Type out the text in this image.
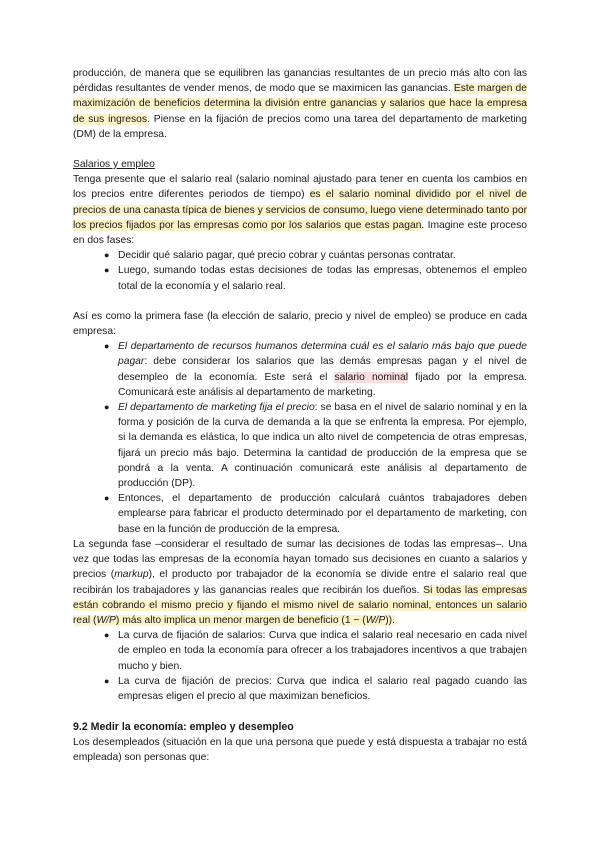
producción, de manera que se equilibren las ganancias resultantes de un precio más alto con las pérdidas resultantes de vender menos, de modo que se maximicen las ganancias. Este margen de maximización de beneficios determina la división entre ganancias y salarios que hace la empresa de sus ingresos. Piense en la fijación de precios como una tarea del departamento de marketing (DM) de la empresa.

Salarios y empleo

Tenga presente que el salario real (salario nominal ajustado para tener en cuenta los cambios en los precios entre diferentes periodos de tiempo) es el salario nominal dividido por el nivel de precios de una canasta típica de bienes y servicios de consumo, luego viene determinado tanto por los precios fijados por las empresas como por los salarios que estas pagan. Imagine este proceso en dos fases:

● Decidir qué salario pagar, qué precio cobrar y cuántas personas contratar.
● Luego, sumando todas estas decisiones de todas las empresas, obtenemos el empleo total de la economía y el salario real.

Así es como la primera fase (la elección de salario, precio y nivel de empleo) se produce en cada empresa:

● El departamento de recursos humanos determina cuál es el salario más bajo que puede pagar: debe considerar los salarios que las demás empresas pagan y el nivel de desempleo de la economía. Este será el salario nominal fijado por la empresa. Comunicará este análisis al departamento de marketing.
● El departamento de marketing fija el precio: se basa en el nivel de salario nominal y en la forma y posición de la curva de demanda a la que se enfrenta la empresa. Por ejemplo, si la demanda es elástica, lo que indica un alto nivel de competencia de otras empresas, fijará un precio más bajo. Determina la cantidad de producción de la empresa que se pondrá a la venta. A continuación comunicará este análisis al departamento de producción (DP).
● Entonces, el departamento de producción calculará cuántos trabajadores deben emplearse para fabricar el producto determinado por el departamento de marketing, con base en la función de producción de la empresa.

La segunda fase –considerar el resultado de sumar las decisiones de todas las empresas–. Una vez que todas las empresas de la economía hayan tomado sus decisiones en cuanto a salarios y precios (markup), el producto por trabajador de la economía se divide entre el salario real que recibirán los trabajadores y las ganancias reales que recibirán los dueños. Si todas las empresas están cobrando el mismo precio y fijando el mismo nivel de salario nominal, entonces un salario real (W/P) más alto implica un menor margen de beneficio (1 − (W/P)).

● La curva de fijación de salarios: Curva que indica el salario real necesario en cada nivel de empleo en toda la economía para ofrecer a los trabajadores incentivos a que trabajen mucho y bien.
● La curva de fijación de precios: Curva que indica el salario real pagado cuando las empresas eligen el precio al que maximizan beneficios.
9.2 Medir la economía: empleo y desempleo

Los desempleados (situación en la que una persona que puede y está dispuesta a trabajar no está empleada) son personas que:
